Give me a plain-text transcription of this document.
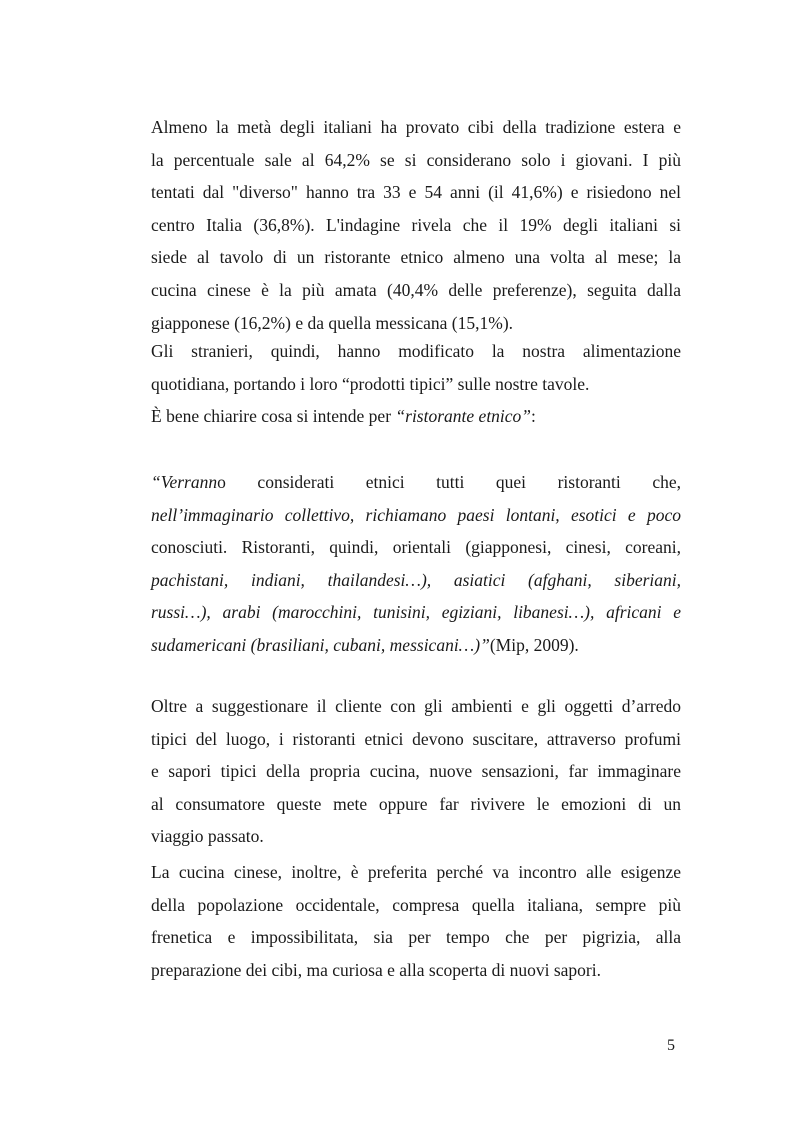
Almeno la metà degli italiani ha provato cibi della tradizione estera e
la percentuale sale al 64,2% se si considerano solo i giovani. I più
tentati dal "diverso" hanno tra 33 e 54 anni (il 41,6%) e risiedono nel
centro Italia (36,8%). L'indagine rivela che il 19% degli italiani si
siede al tavolo di un ristorante etnico almeno una volta al mese; la
cucina cinese è la più amata (40,4% delle preferenze), seguita dalla
giapponese (16,2%) e da quella messicana (15,1%).
Gli stranieri, quindi, hanno modificato la nostra alimentazione
quotidiana, portando i loro “prodotti tipici” sulle nostre tavole.
È bene chiarire cosa si intende per “ristorante etnico”:
“Verranno considerati etnici tutti quei ristoranti che,
nell’immaginario collettivo, richiamano paesi lontani, esotici e poco
conosciuti. Ristoranti, quindi, orientali (giapponesi, cinesi, coreani,
pachistani, indiani, thailandesi…), asiatici (afghani, siberiani,
russi…), arabi (marocchini, tunisini, egiziani, libanesi…), africani e
sudamericani (brasiliani, cubani, messicani…)”(Mip, 2009).
Oltre a suggestionare il cliente con gli ambienti e gli oggetti d’arredo
tipici del luogo, i ristoranti etnici devono suscitare, attraverso profumi
e sapori tipici della propria cucina, nuove sensazioni, far immaginare
al consumatore queste mete oppure far rivivere le emozioni di un
viaggio passato.
La cucina cinese, inoltre, è preferita perché va incontro alle esigenze
della popolazione occidentale, compresa quella italiana, sempre più
frenetica e impossibilitata, sia per tempo che per pigrizia, alla
preparazione dei cibi, ma curiosa e alla scoperta di nuovi sapori.
5
